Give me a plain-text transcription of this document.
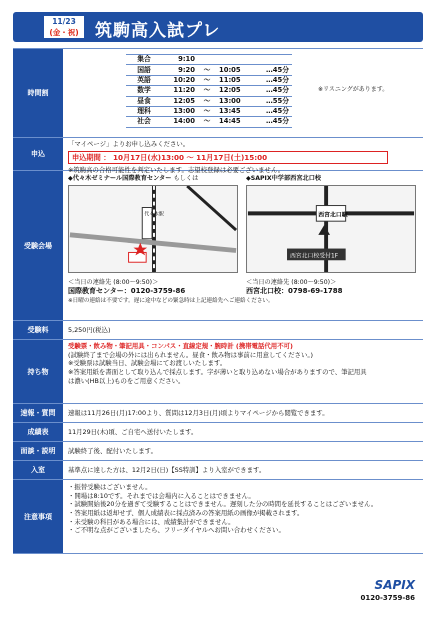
11/23
(金・祝) 筑駒高入試プレ
時間割
集合	9:10			
国語	9:20	～	10:05	…45分
英語	10:20	～	11:05	…45分
数学	11:20	～	12:05	…45分
昼食	12:05	～	13:00	…55分
理科	13:00	～	13:45	…45分
社会	14:00	～	14:45	…45分
申込
「マイページ」よりお申し込みください。
申込期間 ： 10月17日(水)13:00 ～ 11月17日(土)15:00
※筑駒高の合格可能性を判定いたします。志望校登録は必要ございません。
受験会場
◆代々木ゼミナール国際教育センター もしくは
代々木駅
＜当日の連絡先 (8:00～9:50)＞
国際教育センター：0120-3759-86
◆SAPIX中学部西宮北口校
西宮北口駅
西宮北口校受付1F
＜当日の連絡先 (8:00～9:50)＞
西宮北口校：0798-69-1788
※日曜の連絡は不要です。遅に途中などの緊急時は上記連絡先へご連絡ください。
受験料	5,250円(税込)
持ち物
受験票・飲み物・筆記用具・コンパス・直線定規・腕時計 (携帯電話代用不可)
(試験終了まで会場の外には出られません。昼食・飲み物は事前に用意してください。)
※受験票は試験当日、試験会場にてお渡しいたします。
※答案用紙を書面として取り込んで採点します。字が薄いと取り込めない場合がありますので、筆記用具
は濃い(HB以上)ものをご用意ください。
速報・質問	速報は11月26日(月)17:00より、質問は12月3日(月)頃よりマイページから閲覧できます。
成績表	11月29日(木)頃、ご自宅へ送付いたします。
面談・説明	試験終了後、配付いたします。
入室	基準点に達した方は、12月2日(日)【SS特訓】より入室ができます。
注意事項
・振替受験はございません。
・開場は8:10です。それまでは会場内に入ることはできません。
・試験開始後20分を過ぎて受験することはできません。遅刻した分の時間を延長することはございません。
・答案用紙は返却せず、個人成績表に採点済みの答案用紙の画像が掲載されます。
・未受験の科目がある場合には、成績集計ができません。
・ご不明な点がございましたら、フリーダイヤルへお問い合わせください。
※リスニングがあります。
SAPIX
0120-3759-86
